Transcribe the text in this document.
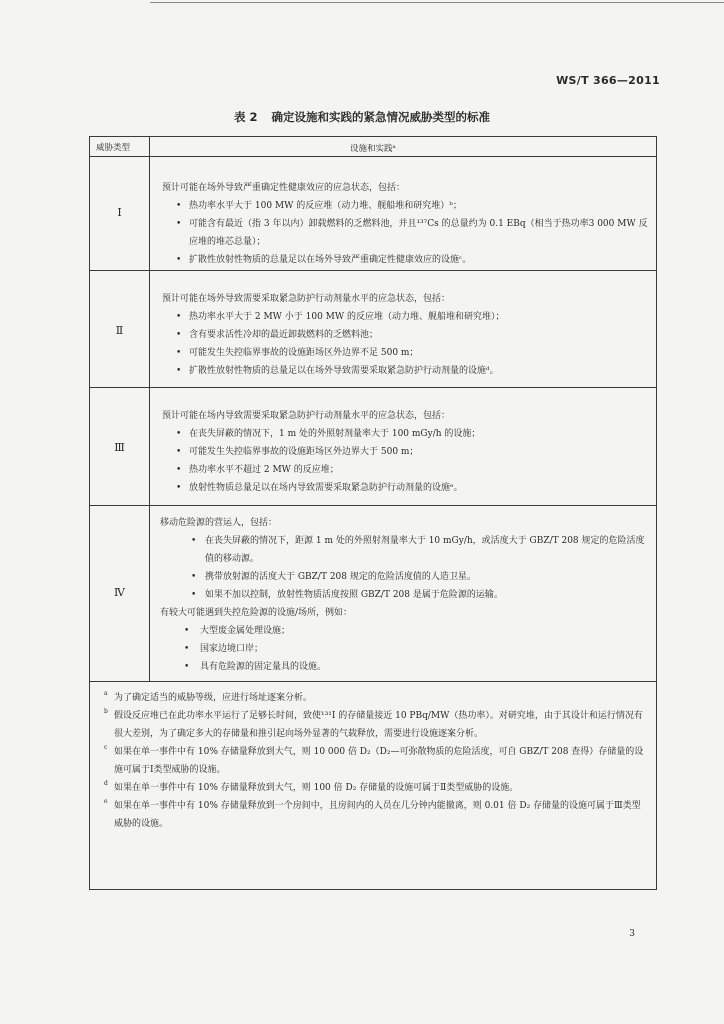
WS/T 366—2011
表 2 确定设施和实践的紧急情况威胁类型的标准
威胁类型	设施和实践ᵃ
Ⅰ
预计可能在场外导致严重确定性健康效应的应急状态，包括：
• 热功率水平大于 100 MW 的反应堆（动力堆、舰船堆和研究堆）ᵇ；
• 可能含有最近（指 3 年以内）卸载燃料的乏燃料池，并且¹³⁷Cs 的总量约为 0.1 EBq（相当于热功率3 000 MW 反应堆的堆芯总量）；
• 扩散性放射性物质的总量足以在场外导致严重确定性健康效应的设施ᶜ。
Ⅱ
预计可能在场外导致需要采取紧急防护行动剂量水平的应急状态，包括：
• 热功率水平大于 2 MW 小于 100 MW 的反应堆（动力堆、舰船堆和研究堆）；
• 含有要求活性冷却的最近卸载燃料的乏燃料池；
• 可能发生失控临界事故的设施距场区外边界不足 500 m；
• 扩散性放射性物质的总量足以在场外导致需要采取紧急防护行动剂量的设施ᵈ。
Ⅲ
预计可能在场内导致需要采取紧急防护行动剂量水平的应急状态，包括：
• 在丧失屏蔽的情况下，1 m 处的外照射剂量率大于 100 mGy/h 的设施；
• 可能发生失控临界事故的设施距场区外边界大于 500 m；
• 热功率水平不超过 2 MW 的反应堆；
• 放射性物质总量足以在场内导致需要采取紧急防护行动剂量的设施ᵉ。
Ⅳ
移动危险源的营运人，包括：
• 在丧失屏蔽的情况下，距源 1 m 处的外照射剂量率大于 10 mGy/h，或活度大于 GBZ/T 208 规定的危险活度值的移动源。
• 携带放射源的活度大于 GBZ/T 208 规定的危险活度值的人造卫星。
• 如果不加以控制，放射性物质活度按照 GBZ/T 208 是属于危险源的运输。
有较大可能遇到失控危险源的设施/场所，例如：
• 大型废金属处理设施；
• 国家边境口岸；
• 具有危险源的固定量具的设施。
a 为了确定适当的威胁等级，应进行场址逐案分析。
b 假设反应堆已在此功率水平运行了足够长时间，致使¹³¹I 的存储量接近 10 PBq/MW（热功率）。对研究堆，由于其设计和运行情况有很大差别，为了确定多大的存储量和推引起向场外显著的气载释放，需要进行设施逐案分析。
c 如果在单一事件中有 10% 存储量释放到大气，则 10 000 倍 D₂（D₂—可弥散物质的危险活度，可自 GBZ/T 208 查得）存储量的设施可属于Ⅰ类型威胁的设施。
d 如果在单一事件中有 10% 存储量释放到大气，则 100 倍 D₂ 存储量的设施可属于Ⅱ类型威胁的设施。
e 如果在单一事件中有 10% 存储量释放到一个房间中，且房间内的人员在几分钟内能撤离，则 0.01 倍 D₂ 存储量的设施可属于Ⅲ类型威胁的设施。
3
